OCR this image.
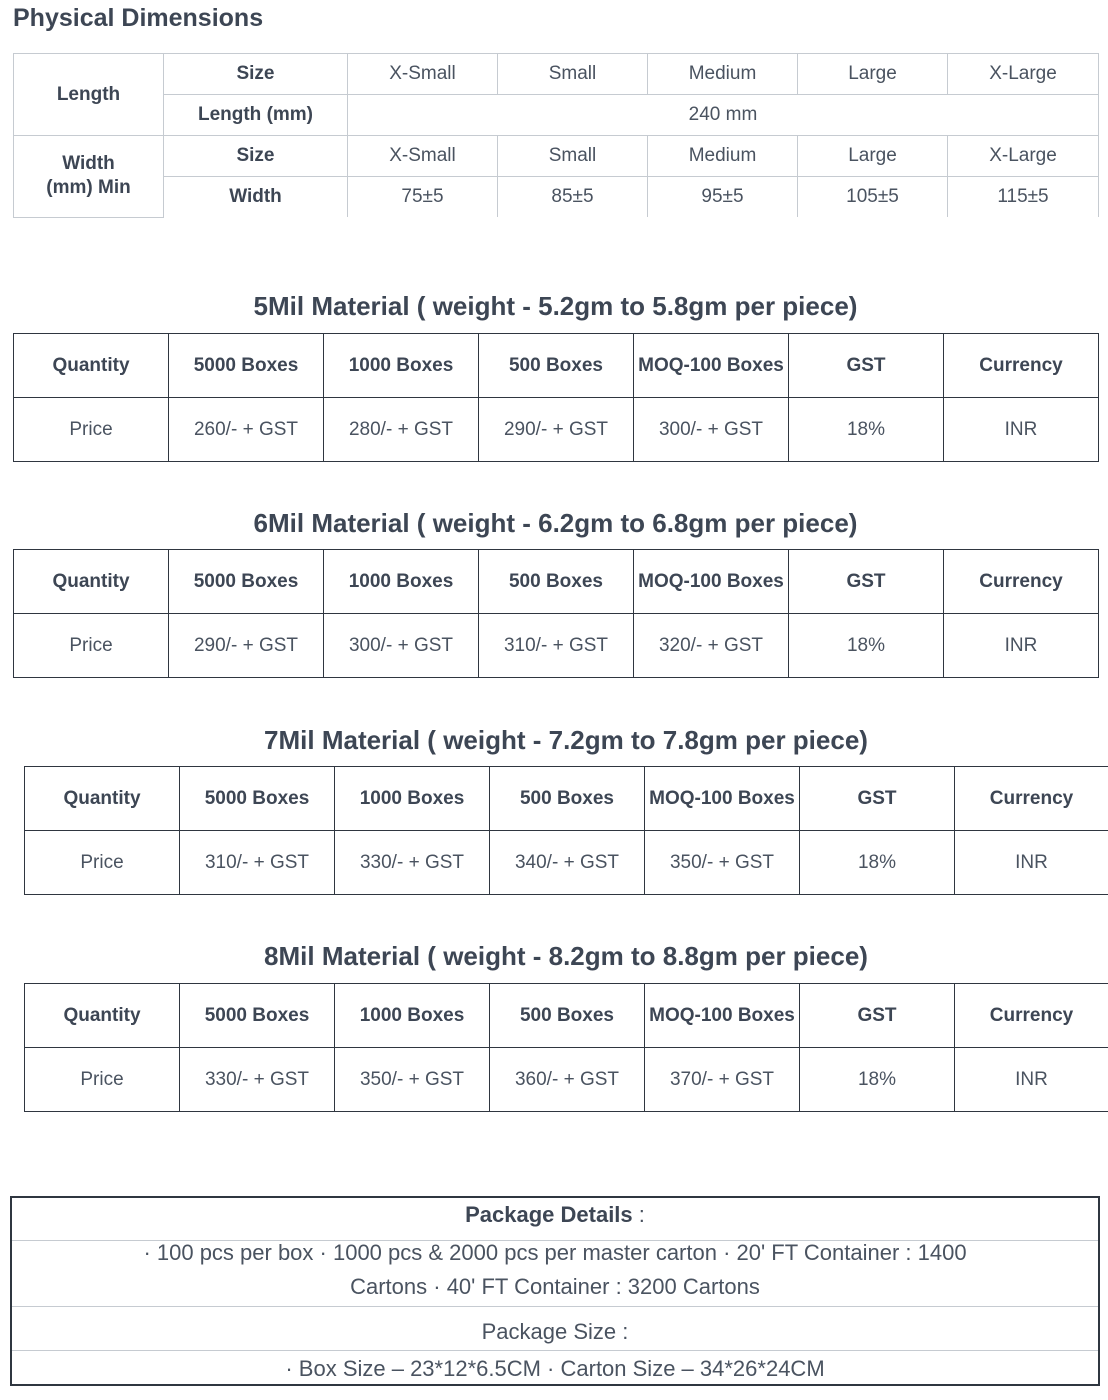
Physical Dimensions
Length	Size	X-Small	Small	Medium	Large	X-Large
	Length (mm)	240 mm				

Width
(mm) Min	Size	X-Small	Small	Medium	Large	X-Large
	Width	75±5	85±5	95±5	105±5	115±5
5Mil Material ( weight - 5.2gm to 5.8gm per piece)
Quantity	5000 Boxes	1000 Boxes	500 Boxes	MOQ-100 Boxes	GST	Currency
Price	260/- + GST	280/- + GST	290/- + GST	300/- + GST	18%	INR
6Mil Material ( weight - 6.2gm to 6.8gm per piece)
Quantity	5000 Boxes	1000 Boxes	500 Boxes	MOQ-100 Boxes	GST	Currency
Price	290/- + GST	300/- + GST	310/- + GST	320/- + GST	18%	INR
7Mil Material ( weight - 7.2gm to 7.8gm per piece)
Quantity	5000 Boxes	1000 Boxes	500 Boxes	MOQ-100 Boxes	GST	Currency
Price	310/- + GST	330/- + GST	340/- + GST	350/- + GST	18%	INR
8Mil Material ( weight - 8.2gm to 8.8gm per piece)
Quantity	5000 Boxes	1000 Boxes	500 Boxes	MOQ-100 Boxes	GST	Currency
Price	330/- + GST	350/- + GST	360/- + GST	370/- + GST	18%	INR
Package Details :
· 100 pcs per box · 1000 pcs & 2000 pcs per master carton · 20' FT Container : 1400
Cartons · 40' FT Container : 3200 Cartons
Package Size :
· Box Size – 23*12*6.5CM · Carton Size – 34*26*24CM
